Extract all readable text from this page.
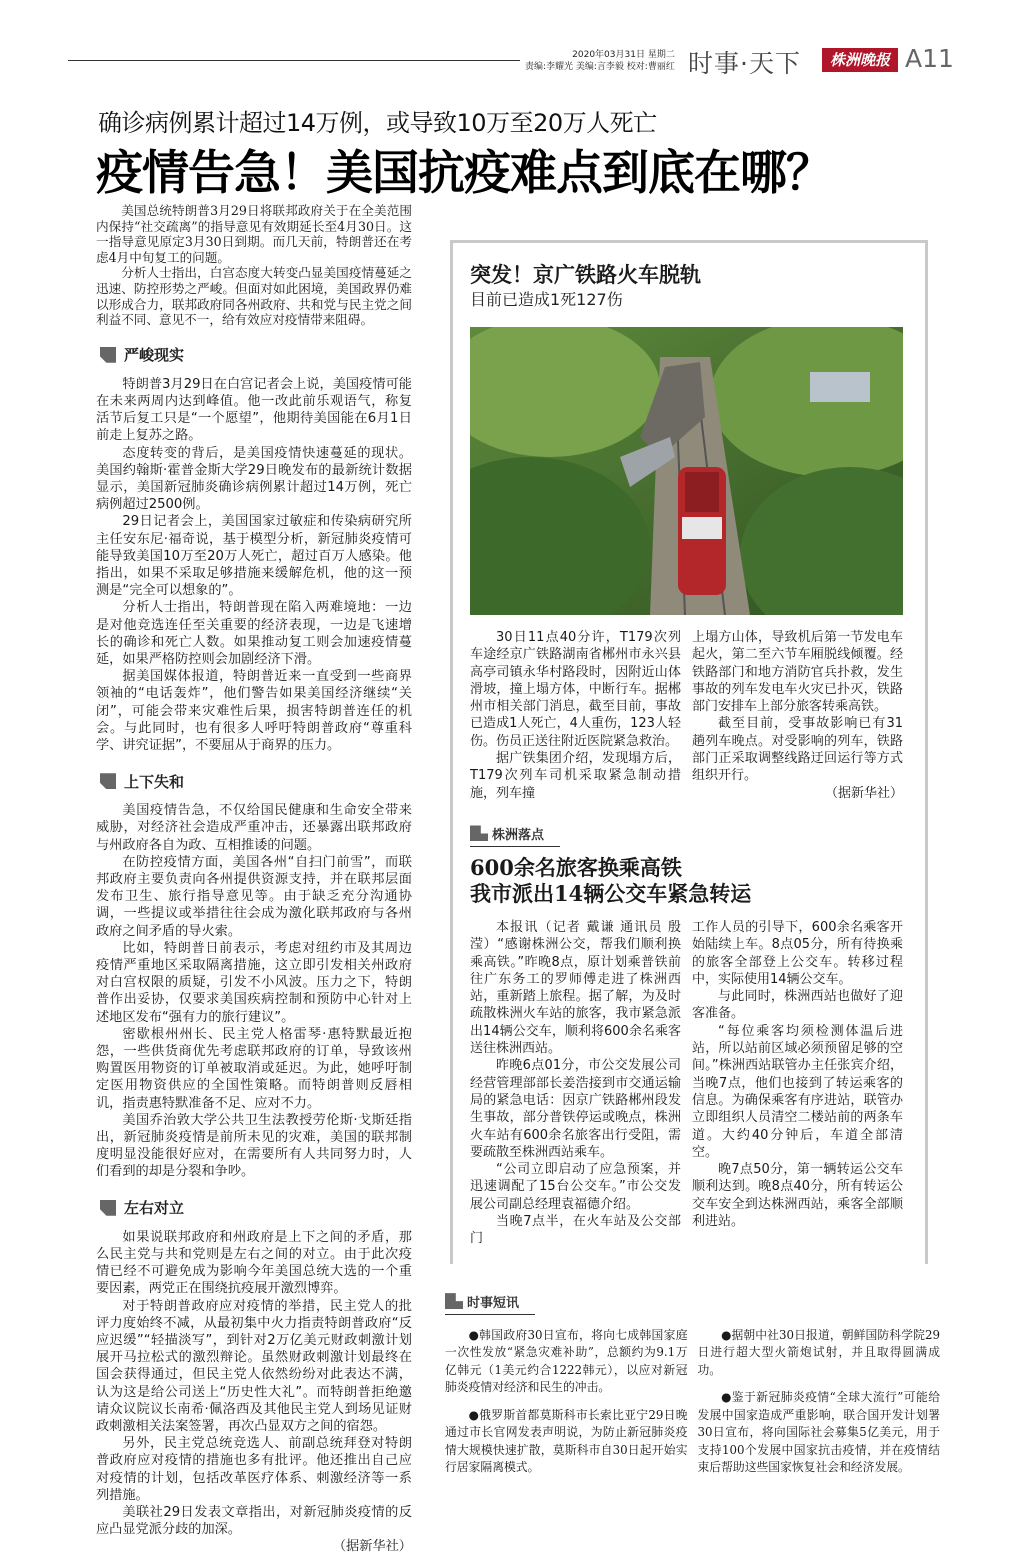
2020年03月31日 星期二
责编:李耀光 美编:言李毅 校对:曹丽红 时事·天下	株洲晚报 A11
确诊病例累计超过14万例，或导致10万至20万人死亡
疫情告急！美国抗疫难点到底在哪？

美国总统特朗普3月29日将联邦政府关于在全美范围内保持“社交疏离”的指导意见有效期延长至4月30日。这一指导意见原定3月30日到期。而几天前，特朗普还在考虑4月中旬复工的问题。

分析人士指出，白宫态度大转变凸显美国疫情蔓延之迅速、防控形势之严峻。但面对如此困境，美国政界仍难以形成合力，联邦政府同各州政府、共和党与民主党之间利益不同、意见不一，给有效应对疫情带来阻碍。

严峻现实

特朗普3月29日在白宫记者会上说，美国疫情可能在未来两周内达到峰值。他一改此前乐观语气，称复活节后复工只是“一个愿望”，他期待美国能在6月1日前走上复苏之路。

态度转变的背后，是美国疫情快速蔓延的现状。美国约翰斯·霍普金斯大学29日晚发布的最新统计数据显示，美国新冠肺炎确诊病例累计超过14万例，死亡病例超过2500例。

29日记者会上，美国国家过敏症和传染病研究所主任安东尼·福奇说，基于模型分析，新冠肺炎疫情可能导致美国10万至20万人死亡，超过百万人感染。他指出，如果不采取足够措施来缓解危机，他的这一预测是“完全可以想象的”。

分析人士指出，特朗普现在陷入两难境地：一边是对他竞选连任至关重要的经济表现，一边是飞速增长的确诊和死亡人数。如果推动复工则会加速疫情蔓延，如果严格防控则会加剧经济下滑。

据美国媒体报道，特朗普近来一直受到一些商界领袖的“电话轰炸”，他们警告如果美国经济继续“关闭”，可能会带来灾难性后果，损害特朗普连任的机会。与此同时，也有很多人呼吁特朗普政府“尊重科学、讲究证据”，不要屈从于商界的压力。

上下失和

美国疫情告急，不仅给国民健康和生命安全带来威胁，对经济社会造成严重冲击，还暴露出联邦政府与州政府各自为政、互相推诿的问题。

在防控疫情方面，美国各州“自扫门前雪”，而联邦政府主要负责向各州提供资源支持，并在联邦层面发布卫生、旅行指导意见等。由于缺乏充分沟通协调，一些提议或举措往往会成为激化联邦政府与各州政府之间矛盾的导火索。

比如，特朗普日前表示，考虑对纽约市及其周边疫情严重地区采取隔离措施，这立即引发相关州政府对白宫权限的质疑，引发不小风波。压力之下，特朗普作出妥协，仅要求美国疾病控制和预防中心针对上述地区发布“强有力的旅行建议”。

密歇根州州长、民主党人格雷琴·惠特默最近抱怨，一些供货商优先考虑联邦政府的订单，导致该州购置医用物资的订单被取消或延迟。为此，她呼吁制定医用物资供应的全国性策略。而特朗普则反唇相讥，指责惠特默准备不足、应对不力。

美国乔治敦大学公共卫生法教授劳伦斯·戈斯廷指出，新冠肺炎疫情是前所未见的灾难，美国的联邦制度明显没能很好应对，在需要所有人共同努力时，人们看到的却是分裂和争吵。

左右对立

如果说联邦政府和州政府是上下之间的矛盾，那么民主党与共和党则是左右之间的对立。由于此次疫情已经不可避免成为影响今年美国总统大选的一个重要因素，两党正在围绕抗疫展开激烈博弈。

对于特朗普政府应对疫情的举措，民主党人的批评力度始终不减，从最初集中火力指责特朗普政府“反应迟缓”“轻描淡写”，到针对2万亿美元财政刺激计划展开马拉松式的激烈辩论。虽然财政刺激计划最终在国会获得通过，但民主党人依然纷纷对此表达不满，认为这是给公司送上“历史性大礼”。而特朗普拒绝邀请众议院议长南希·佩洛西及其他民主党人到场见证财政刺激相关法案签署，再次凸显双方之间的宿怨。

另外，民主党总统竞选人、前副总统拜登对特朗普政府应对疫情的措施也多有批评。他还推出自己应对疫情的计划，包括改革医疗体系、刺激经济等一系列措施。

美联社29日发表文章指出，对新冠肺炎疫情的反应凸显党派分歧的加深。

（据新华社）
突发！京广铁路火车脱轨
目前已造成1死127伤

30日11点40分许，T179次列车途经京广铁路湖南省郴州市永兴县高亭司镇永华村路段时，因附近山体滑坡，撞上塌方体，中断行车。据郴州市相关部门消息，截至目前，事故已造成1人死亡，4人重伤，123人轻伤。伤员正送往附近医院紧急救治。

据广铁集团介绍，发现塌方后，T179次列车司机采取紧急制动措施，列车撞

上塌方山体，导致机后第一节发电车起火，第二至六节车厢脱线倾覆。经铁路部门和地方消防官兵扑救，发生事故的列车发电车火灾已扑灭，铁路部门安排车上部分旅客转乘高铁。

截至目前，受事故影响已有31趟列车晚点。对受影响的列车，铁路部门正采取调整线路迂回运行等方式组织开行。

（据新华社）
株洲落点
600余名旅客换乘高铁
我市派出14辆公交车紧急转运

本报讯（记者 戴谦 通讯员 殷滢）“感谢株洲公交，帮我们顺利换乘高铁。”昨晚8点，原计划乘普铁前往广东务工的罗师傅走进了株洲西站，重新踏上旅程。据了解，为及时疏散株洲火车站的旅客，我市紧急派出14辆公交车，顺利将600余名乘客送往株洲西站。

昨晚6点01分，市公交发展公司经营管理部部长姜浩接到市交通运输局的紧急电话：因京广铁路郴州段发生事故，部分普铁停运或晚点，株洲火车站有600余名旅客出行受阻，需要疏散至株洲西站乘车。

“公司立即启动了应急预案，并迅速调配了15台公交车。”市公交发展公司副总经理袁福德介绍。

当晚7点半，在火车站及公交部门

工作人员的引导下，600余名乘客开始陆续上车。8点05分，所有待换乘的旅客全部登上公交车。转移过程中，实际使用14辆公交车。

与此同时，株洲西站也做好了迎客准备。

“每位乘客均须检测体温后进站，所以站前区域必须预留足够的空间。”株洲西站联管办主任张宾介绍，当晚7点，他们也接到了转运乘客的信息。为确保乘客有序进站，联管办立即组织人员清空二楼站前的两条车道。大约40分钟后，车道全部清空。

晚7点50分，第一辆转运公交车顺利达到。晚8点40分，所有转运公交车安全到达株洲西站，乘客全部顺利进站。

时事短讯

●韩国政府30日宣布，将向七成韩国家庭一次性发放“紧急灾难补助”，总额约为9.1万亿韩元（1美元约合1222韩元），以应对新冠肺炎疫情对经济和民生的冲击。

●俄罗斯首都莫斯科市长索比亚宁29日晚通过市长官网发表声明说，为防止新冠肺炎疫情大规模快速扩散，莫斯科市自30日起开始实行居家隔离模式。

●据朝中社30日报道，朝鲜国防科学院29日进行超大型火箭炮试射，并且取得圆满成功。

●鉴于新冠肺炎疫情“全球大流行”可能给发展中国家造成严重影响，联合国开发计划署30日宣布，将向国际社会募集5亿美元，用于支持100个发展中国家抗击疫情，并在疫情结束后帮助这些国家恢复社会和经济发展。
